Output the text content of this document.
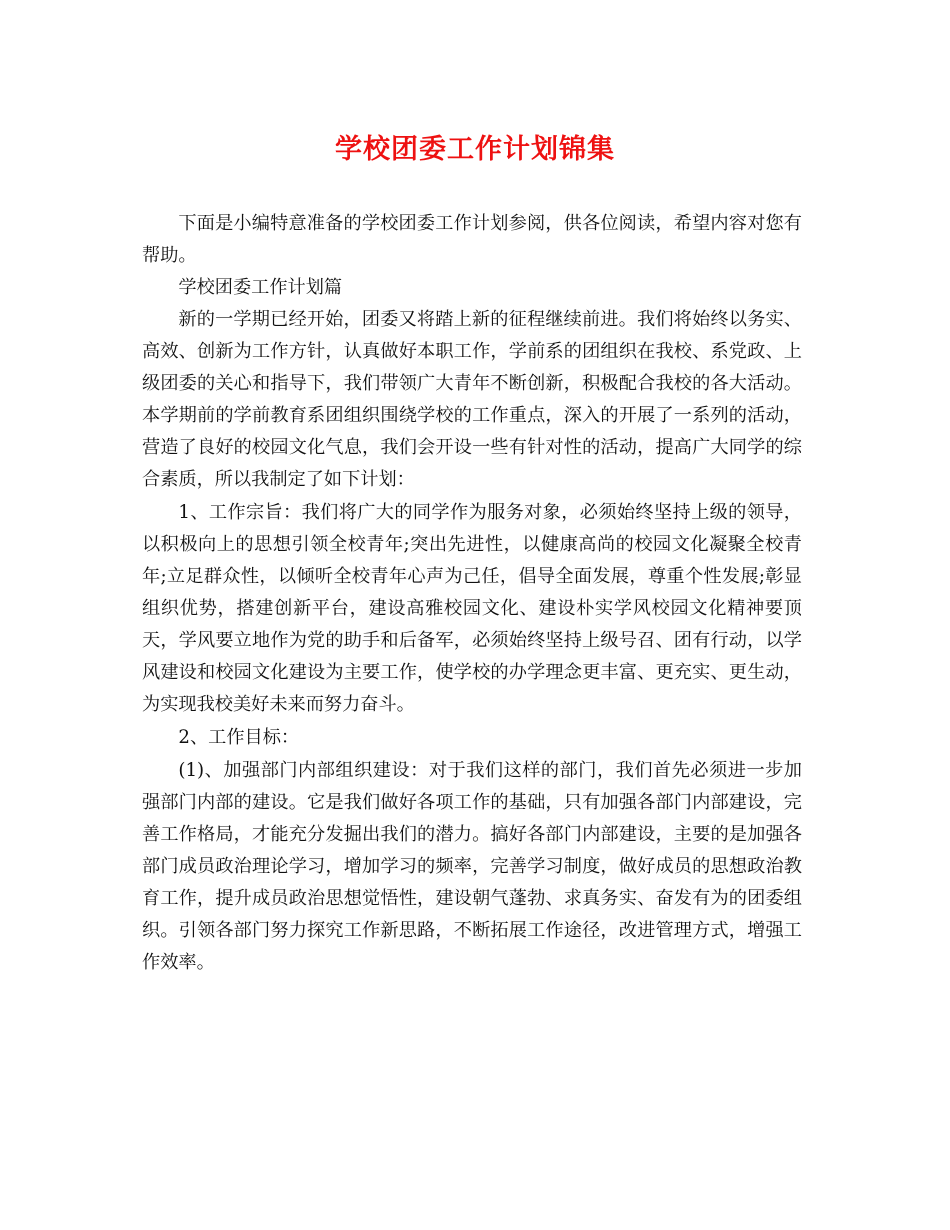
学校团委工作计划锦集

下面是小编特意准备的学校团委工作计划参阅，供各位阅读，希望内容对您有帮助。

学校团委工作计划篇

新的一学期已经开始，团委又将踏上新的征程继续前进。我们将始终以务实、高效、创新为工作方针，认真做好本职工作，学前系的团组织在我校、系党政、上级团委的关心和指导下，我们带领广大青年不断创新，积极配合我校的各大活动。本学期前的学前教育系团组织围绕学校的工作重点，深入的开展了一系列的活动，营造了良好的校园文化气息，我们会开设一些有针对性的活动，提高广大同学的综合素质，所以我制定了如下计划：

1、工作宗旨：我们将广大的同学作为服务对象，必须始终坚持上级的领导，以积极向上的思想引领全校青年;突出先进性，以健康高尚的校园文化凝聚全校青年;立足群众性，以倾听全校青年心声为己任，倡导全面发展，尊重个性发展;彰显组织优势，搭建创新平台，建设高雅校园文化、建设朴实学风校园文化精神要顶天，学风要立地作为党的助手和后备军，必须始终坚持上级号召、团有行动，以学风建设和校园文化建设为主要工作，使学校的办学理念更丰富、更充实、更生动，为实现我校美好未来而努力奋斗。

2、工作目标：

(1)、加强部门内部组织建设：对于我们这样的部门，我们首先必须进一步加强部门内部的建设。它是我们做好各项工作的基础，只有加强各部门内部建设，完善工作格局，才能充分发掘出我们的潜力。搞好各部门内部建设，主要的是加强各部门成员政治理论学习，增加学习的频率，完善学习制度，做好成员的思想政治教育工作，提升成员政治思想觉悟性，建设朝气蓬勃、求真务实、奋发有为的团委组织。引领各部门努力探究工作新思路，不断拓展工作途径，改进管理方式，增强工作效率。
